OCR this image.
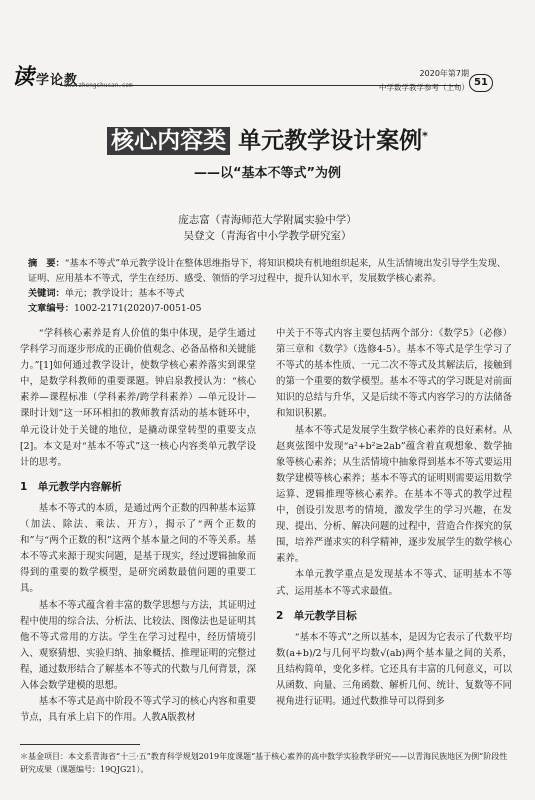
读学论教
www.zhongshucan.com
2020年第7期
中学数学教学参考（上旬） 51
核心内容类 单元教学设计案例*
——以“基本不等式”为例
庞志富（青海师范大学附属实验中学）
吴登文（青海省中小学教学研究室）
摘　要：“基本不等式”单元教学设计在整体思维指导下，将知识模块有机地组织起来，从生活情境出发引导学生发现、证明、应用基本不等式，学生在经历、感受、领悟的学习过程中，提升认知水平，发展数学核心素养。
关键词：单元；教学设计；基本不等式
文章编号：1002-2171(2020)7-0051-05

“学科核心素养是育人价值的集中体现，是学生通过学科学习而逐步形成的正确价值观念、必备品格和关键能力。”[1]如何通过教学设计，使数学核心素养落实到课堂中，是数学科教师的重要课题。钟启泉教授认为：“核心素养—课程标准（学科素养/跨学科素养）—单元设计—课时计划”这一环环相扣的教师教育活动的基本链环中，单元设计处于关键的地位，是撬动课堂转型的重要支点[2]。本文是对“基本不等式”这一核心内容类单元教学设计的思考。

1　单元教学内容解析

基本不等式的本质，是通过两个正数的四种基本运算（加法、除法、乘法、开方），揭示了“两个正数的和”与“两个正数的积”这两个基本量之间的不等关系。基本不等式来源于现实问题，是基于现实，经过逻辑抽象而得到的重要的数学模型，是研究函数最值问题的重要工具。

基本不等式蕴含着丰富的数学思想与方法，其证明过程中使用的综合法、分析法、比较法、图像法也是证明其他不等式常用的方法。学生在学习过程中，经历情境引入、观察猜想、实验归纳、抽象概括、推理证明的完整过程，通过数形结合了解基本不等式的代数与几何背景，深入体会数学建模的思想。

基本不等式是高中阶段不等式学习的核心内容和重要节点，具有承上启下的作用。人教A版教材

中关于不等式内容主要包括两个部分：《数学5》（必修）第三章和《数学》（选修4-5）。基本不等式是学生学习了不等式的基本性质、一元二次不等式及其解法后，接触到的第一个重要的数学模型。基本不等式的学习既是对前面知识的总结与升华，又是后续不等式内容学习的方法储备和知识积累。

基本不等式是发展学生数学核心素养的良好素材。从赵爽弦图中发现“a²+b²≥2ab”蕴含着直观想象、数学抽象等核心素养；从生活情境中抽象得到基本不等式要运用数学建模等核心素养；基本不等式的证明则需要运用数学运算、逻辑推理等核心素养。在基本不等式的教学过程中，创设引发思考的情境，激发学生的学习兴趣，在发现、提出、分析、解决问题的过程中，营造合作探究的氛围，培养严谨求实的科学精神，逐步发展学生的数学核心素养。

本单元教学重点是发现基本不等式、证明基本不等式、运用基本不等式求最值。

2　单元教学目标

“基本不等式”之所以基本，是因为它表示了代数平均数(a+b)/2与几何平均数√(ab)两个基本量之间的关系，且结构简单，变化多样。它还具有丰富的几何意义，可以从函数、向量、三角函数、解析几何、统计、复数等不同视角进行证明。通过代数推导可以得到多

＊基金项目：本文系青海省“十三·五”教育科学规划2019年度课题“基于核心素养的高中数学实验教学研究——以青海民族地区为例”阶段性研究成果（课题编号：19QJG21）。
